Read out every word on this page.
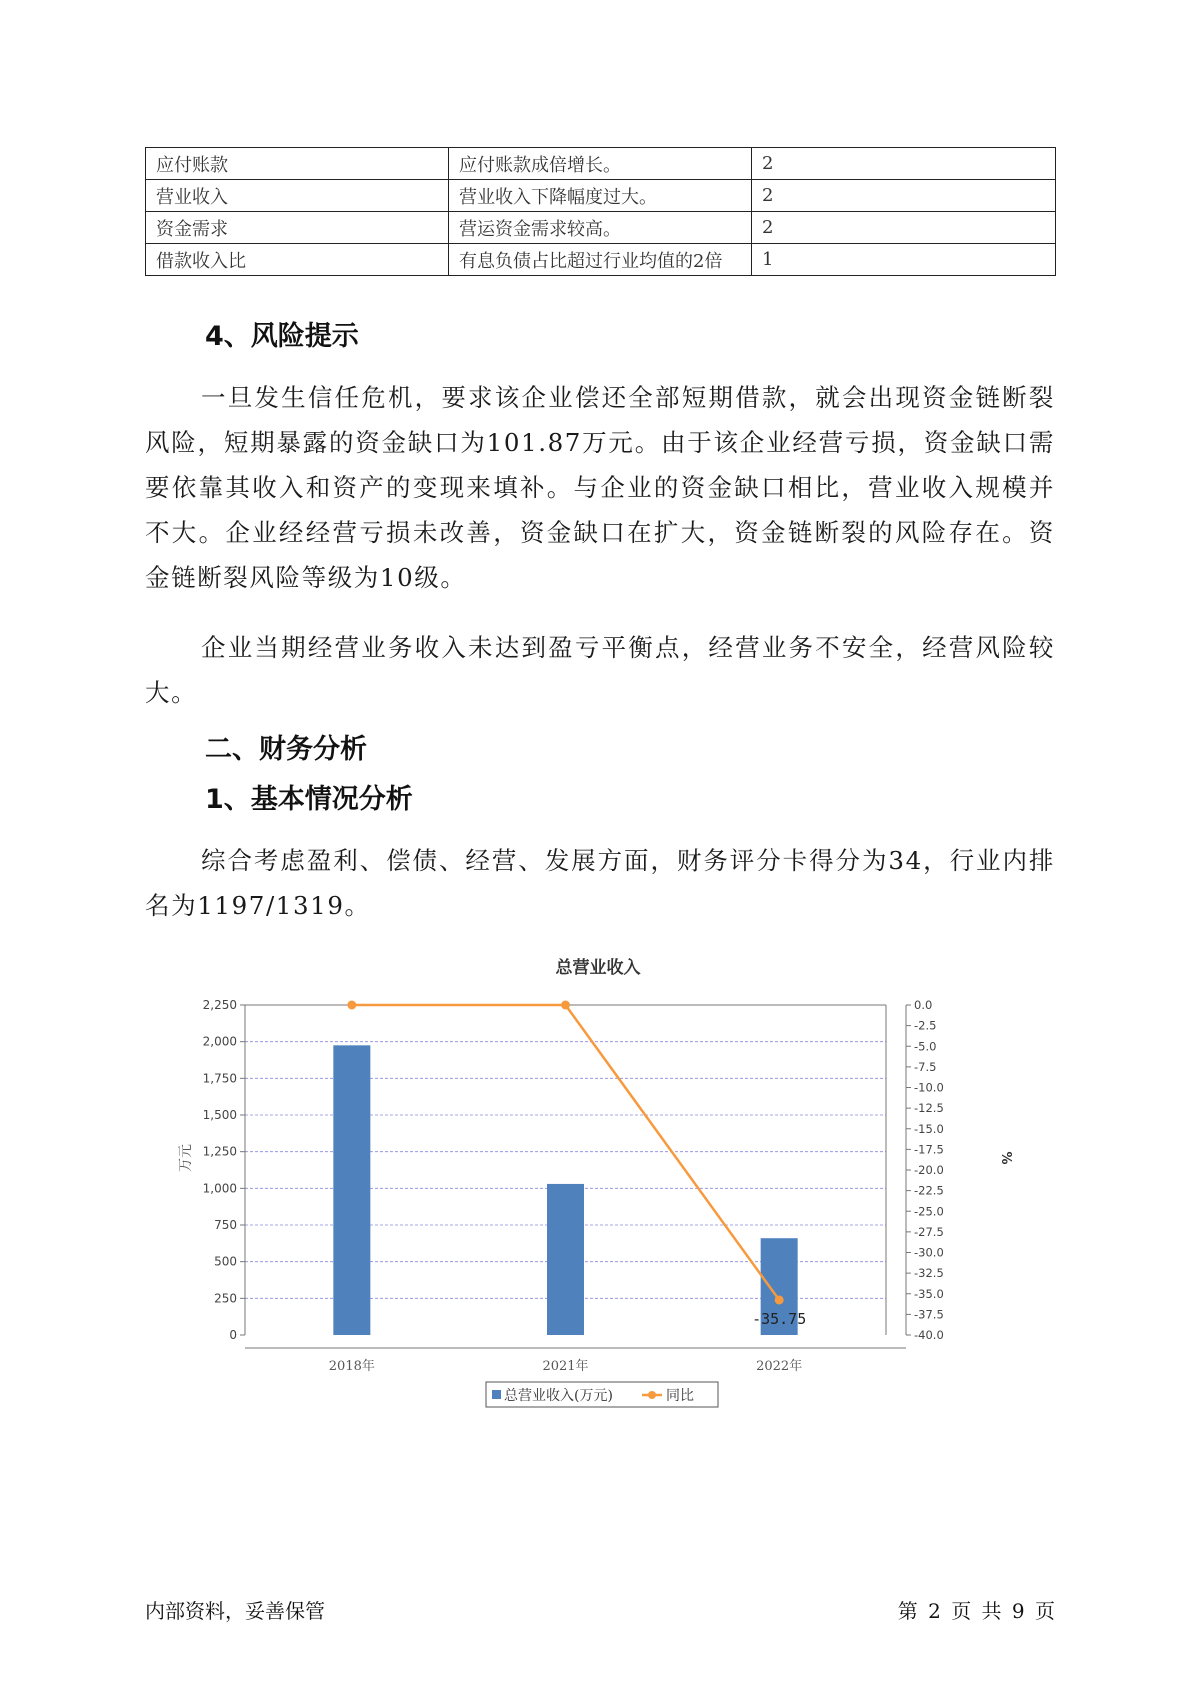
应付账款	应付账款成倍增长。	2
营业收入	营业收入下降幅度过大。	2
资金需求	营运资金需求较高。	2
借款收入比	有息负债占比超过行业均值的2倍	1
4、风险提示
一旦发生信任危机，要求该企业偿还全部短期借款，就会出现资金链断裂风险，短期暴露的资金缺口为101.87万元。由于该企业经营亏损，资金缺口需要依靠其收入和资产的变现来填补。与企业的资金缺口相比，营业收入规模并不大。企业经经营亏损未改善，资金缺口在扩大，资金链断裂的风险存在。资金链断裂风险等级为10级。
企业当期经营业务收入未达到盈亏平衡点，经营业务不安全，经营风险较大。
二、财务分析
1、基本情况分析
综合考虑盈利、偿债、经营、发展方面，财务评分卡得分为34，行业内排名为1197/1319。
总营业收入
0
250
500
750
1,000
1,250
1,500
1,750
2,000
2,250	0.0
-2.5
-5.0
-7.5
-10.0
-12.5
-15.0
-17.5
-20.0
-22.5
-25.0
-27.5
-30.0
-32.5
-35.0
-37.5
-40.0
-35.75
2018年	2021年	2022年
万元	%
总营业收入(万元)	同比
内部资料，妥善保管	第 2 页 共 9 页
